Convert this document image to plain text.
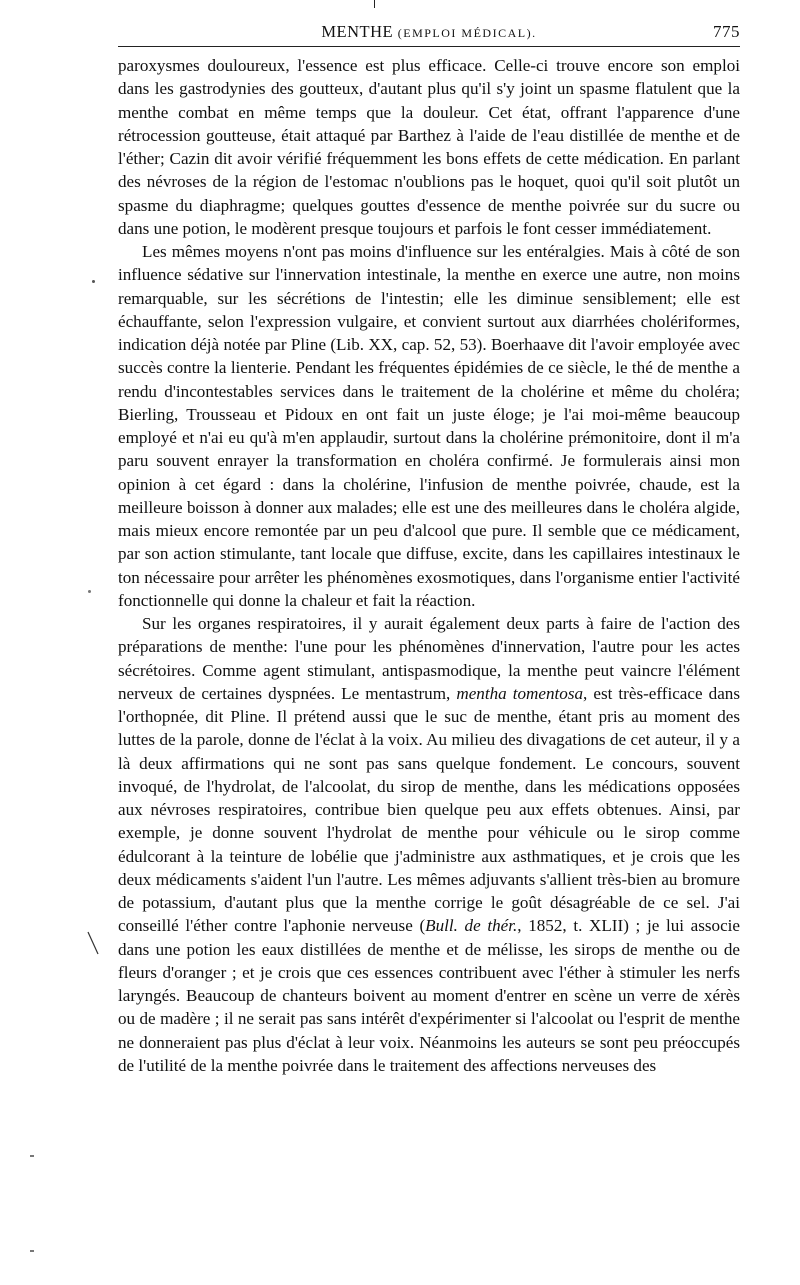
MENTHE (EMPLOI MÉDICAL).	775

paroxysmes douloureux, l'essence est plus efficace. Celle-ci trouve encore son emploi dans les gastrodynies des goutteux, d'autant plus qu'il s'y joint un spasme flatulent que la menthe combat en même temps que la douleur. Cet état, offrant l'apparence d'une rétrocession goutteuse, était attaqué par Barthez à l'aide de l'eau distillée de menthe et de l'éther; Cazin dit avoir vérifié fréquemment les bons effets de cette médication. En parlant des névroses de la région de l'estomac n'oublions pas le hoquet, quoi qu'il soit plutôt un spasme du diaphragme; quelques gouttes d'essence de menthe poivrée sur du sucre ou dans une potion, le modèrent presque toujours et parfois le font cesser immédiatement.

Les mêmes moyens n'ont pas moins d'influence sur les entéralgies. Mais à côté de son influence sédative sur l'innervation intestinale, la menthe en exerce une autre, non moins remarquable, sur les sécrétions de l'intestin; elle les diminue sensiblement; elle est échauffante, selon l'expression vulgaire, et convient surtout aux diarrhées cholériformes, indication déjà notée par Pline (Lib. XX, cap. 52, 53). Boerhaave dit l'avoir employée avec succès contre la lienterie. Pendant les fréquentes épidémies de ce siècle, le thé de menthe a rendu d'incontestables services dans le traitement de la cholérine et même du choléra; Bierling, Trousseau et Pidoux en ont fait un juste éloge; je l'ai moi-même beaucoup employé et n'ai eu qu'à m'en applaudir, surtout dans la cholérine prémonitoire, dont il m'a paru souvent enrayer la transformation en choléra confirmé. Je formulerais ainsi mon opinion à cet égard : dans la cholérine, l'infusion de menthe poivrée, chaude, est la meilleure boisson à donner aux malades; elle est une des meilleures dans le choléra algide, mais mieux encore remontée par un peu d'alcool que pure. Il semble que ce médicament, par son action stimulante, tant locale que diffuse, excite, dans les capillaires intestinaux le ton nécessaire pour arrêter les phénomènes exosmotiques, dans l'organisme entier l'activité fonctionnelle qui donne la chaleur et fait la réaction.

Sur les organes respiratoires, il y aurait également deux parts à faire de l'action des préparations de menthe: l'une pour les phénomènes d'innervation, l'autre pour les actes sécrétoires. Comme agent stimulant, antispasmodique, la menthe peut vaincre l'élément nerveux de certaines dyspnées. Le mentastrum, mentha tomentosa, est très-efficace dans l'orthopnée, dit Pline. Il prétend aussi que le suc de menthe, étant pris au moment des luttes de la parole, donne de l'éclat à la voix. Au milieu des divagations de cet auteur, il y a là deux affirmations qui ne sont pas sans quelque fondement. Le concours, souvent invoqué, de l'hydrolat, de l'alcoolat, du sirop de menthe, dans les médications opposées aux névroses respiratoires, contribue bien quelque peu aux effets obtenues. Ainsi, par exemple, je donne souvent l'hydrolat de menthe pour véhicule ou le sirop comme édulcorant à la teinture de lobélie que j'administre aux asthmatiques, et je crois que les deux médicaments s'aident l'un l'autre. Les mêmes adjuvants s'allient très-bien au bromure de potassium, d'autant plus que la menthe corrige le goût désagréable de ce sel. J'ai conseillé l'éther contre l'aphonie nerveuse (Bull. de thér., 1852, t. XLII) ; je lui associe dans une potion les eaux distillées de menthe et de mélisse, les sirops de menthe ou de fleurs d'oranger ; et je crois que ces essences contribuent avec l'éther à stimuler les nerfs laryngés. Beaucoup de chanteurs boivent au moment d'entrer en scène un verre de xérès ou de madère ; il ne serait pas sans intérêt d'expérimenter si l'alcoolat ou l'esprit de menthe ne donneraient pas plus d'éclat à leur voix. Néanmoins les auteurs se sont peu préoccupés de l'utilité de la menthe poivrée dans le traitement des affections nerveuses des
